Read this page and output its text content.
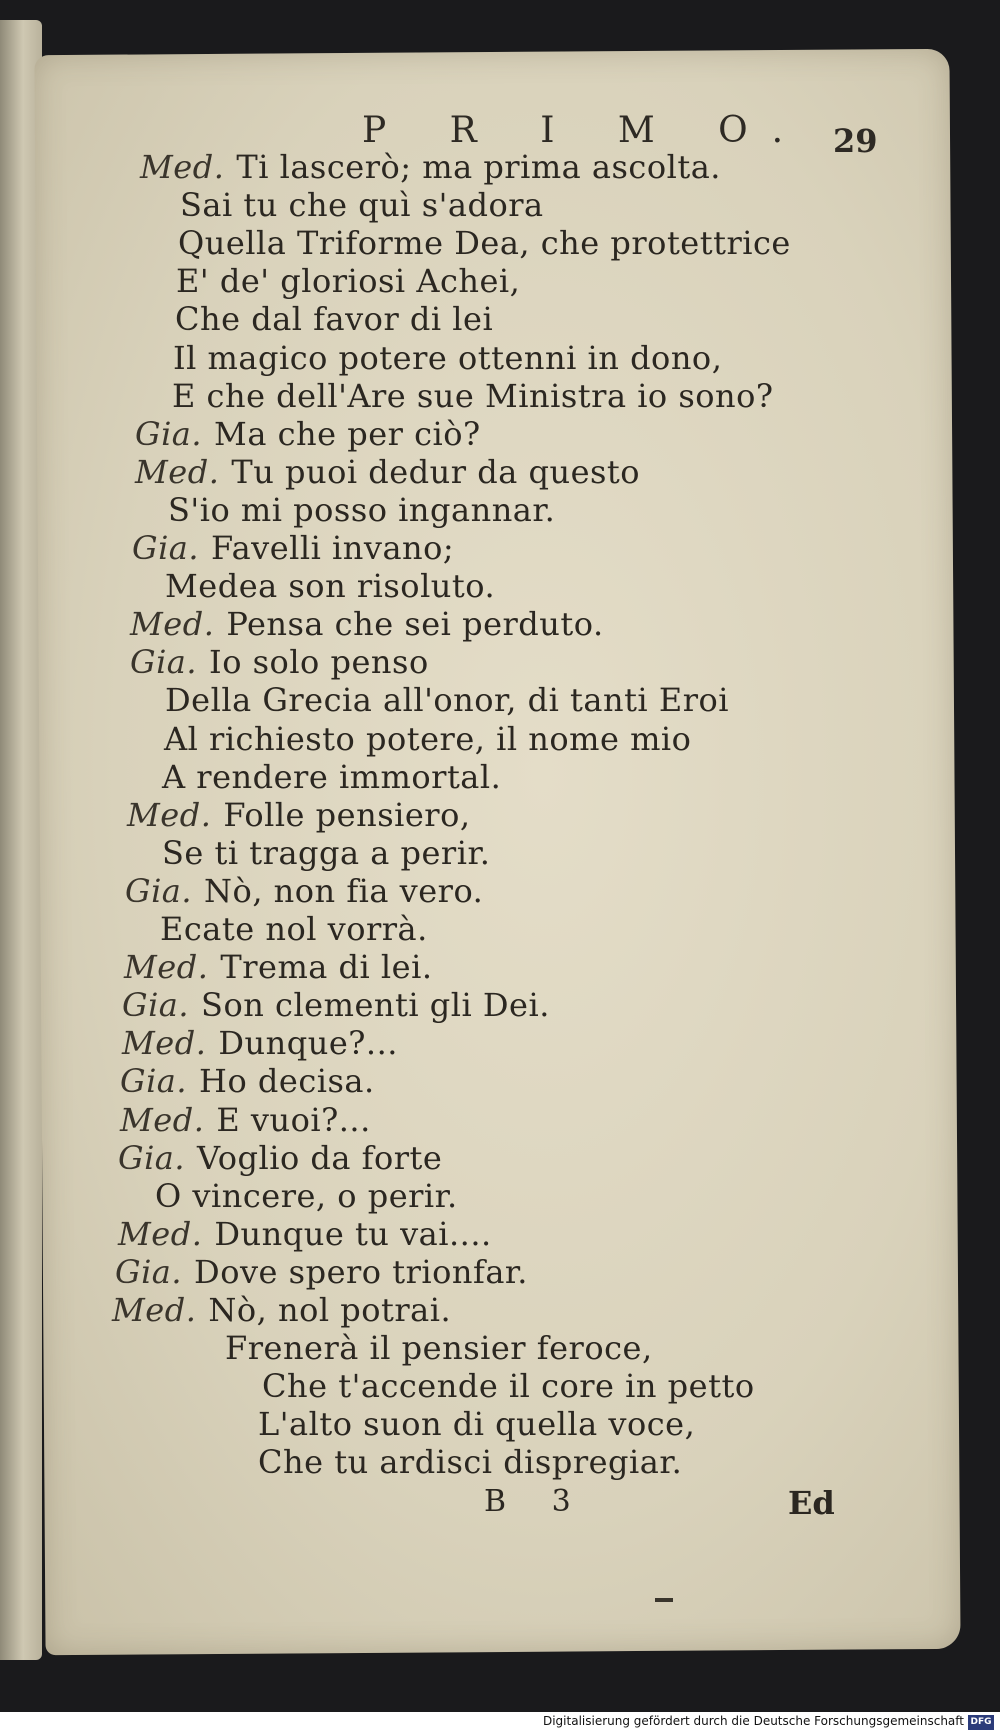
P R I M O. 29
Med. Ti lascerò; ma prima ascolta.
Sai tu che quì s'adora
Quella Triforme Dea, che protettrice
E' de' gloriosi Achei,
Che dal favor di lei
Il magico potere ottenni in dono,
E che dell'Are sue Ministra io sono?
Gia. Ma che per ciò?
Med. Tu puoi dedur da questo
S'io mi posso ingannar.
Gia. Favelli invano;
Medea son risoluto.
Med. Pensa che sei perduto.
Gia. Io solo penso
Della Grecia all'onor, di tanti Eroi
Al richiesto potere, il nome mio
A rendere immortal.
Med. Folle pensiero,
Se ti tragga a perir.
Gia. Nò, non fia vero.
Ecate nol vorrà.
Med. Trema di lei.
Gia. Son clementi gli Dei.
Med. Dunque?...
Gia. Ho decisa.
Med. E vuoi?...
Gia. Voglio da forte
O vincere, o perir.
Med. Dunque tu vai....
Gia. Dove spero trionfar.
Med. Nò, nol potrai.
Frenerà il pensier feroce,
Che t'accende il core in petto
L'alto suon di quella voce,
Che tu ardisci dispregiar.
B 3	Ed
Digitalisierung gefördert durch die Deutsche Forschungsgemeinschaft DFG
